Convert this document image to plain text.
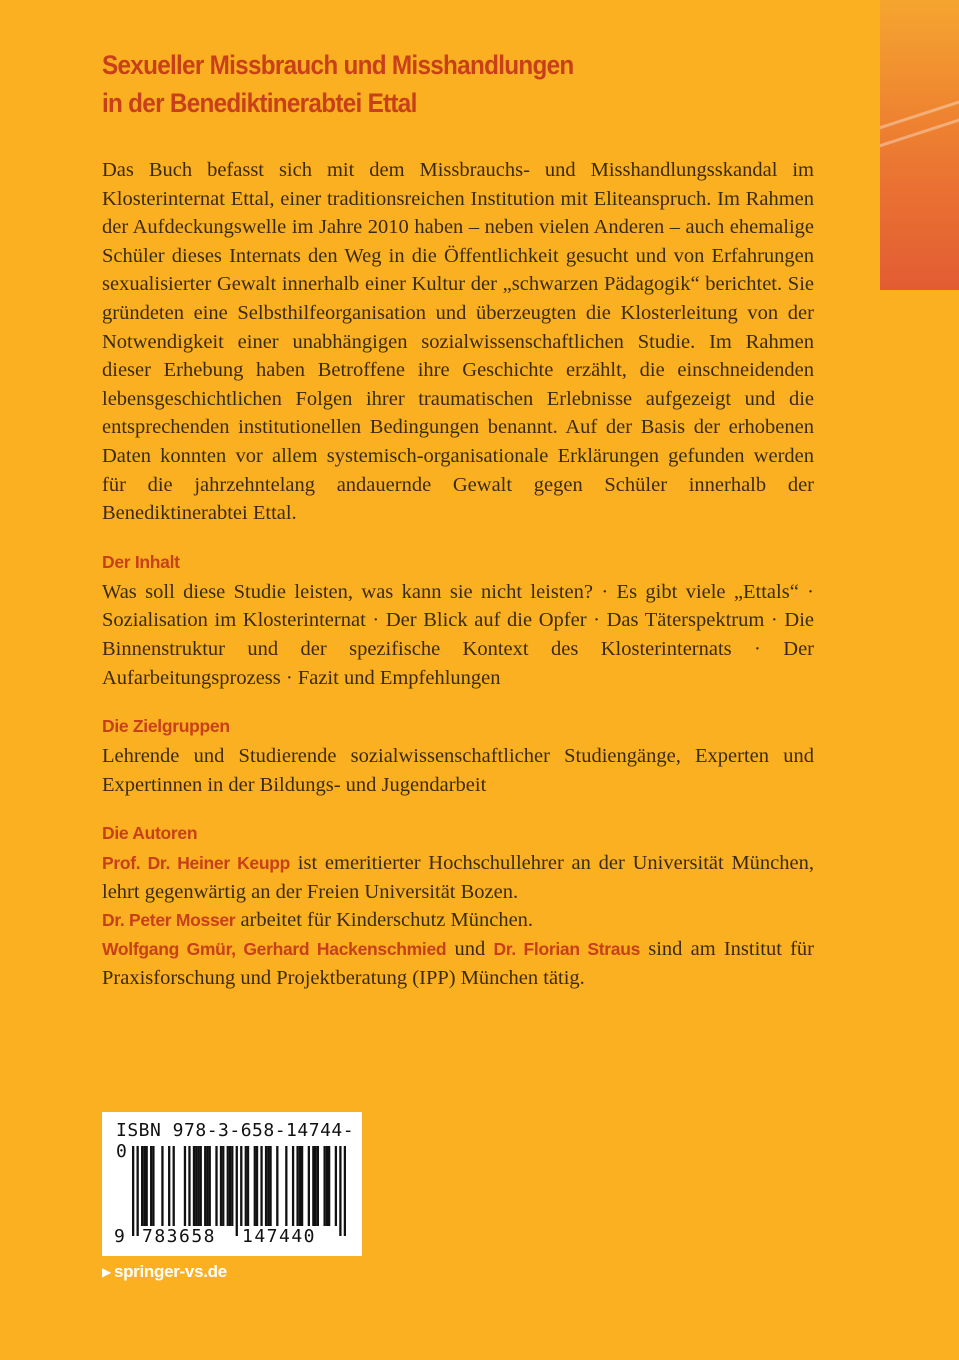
Sexueller Missbrauch und Misshandlungen
in der Benediktinerabtei Ettal

Das Buch befasst sich mit dem Missbrauchs- und Misshandlungsskandal im Klosterinternat Ettal, einer traditionsreichen Institution mit Eliteanspruch. Im Rahmen der Aufdeckungswelle im Jahre 2010 haben – neben vielen Anderen – auch ehemalige Schüler dieses Internats den Weg in die Öffentlichkeit gesucht und von Erfahrungen sexualisierter Gewalt innerhalb einer Kultur der „schwarzen Pädagogik“ berichtet. Sie gründeten eine Selbsthilfeorganisation und überzeugten die Klosterleitung von der Notwendigkeit einer unabhängigen sozialwissenschaftlichen Studie. Im Rahmen dieser Erhebung haben Betroffene ihre Geschichte erzählt, die einschneidenden lebensgeschichtlichen Folgen ihrer traumatischen Erlebnisse aufgezeigt und die entsprechenden institutionellen Bedingungen benannt. Auf der Basis der erhobenen Daten konnten vor allem systemisch-organisationale Erklärungen gefunden werden für die jahrzehntelang andauernde Gewalt gegen Schüler innerhalb der Benediktinerabtei Ettal.

Der Inhalt

Was soll diese Studie leisten, was kann sie nicht leisten? · Es gibt viele „Ettals“ · Sozialisation im Klosterinternat · Der Blick auf die Opfer · Das Täterspektrum · Die Binnenstruktur und der spezifische Kontext des Klosterinternats · Der Aufarbeitungsprozess · Fazit und Empfehlungen

Die Zielgruppen

Lehrende und Studierende sozialwissenschaftlicher Studiengänge, Experten und Expertinnen in der Bildungs- und Jugendarbeit

Die Autoren

Prof. Dr. Heiner Keupp ist emeritierter Hochschullehrer an der Universität München, lehrt gegenwärtig an der Freien Universität Bozen.

Dr. Peter Mosser arbeitet für Kinderschutz München.

Wolfgang Gmür, Gerhard Hackenschmied und Dr. Florian Straus sind am Institut für Praxisforschung und Projektberatung (IPP) München tätig.

ISBN 978-3-658-14744-0
9 783658 147440
▶ springer-vs.de
